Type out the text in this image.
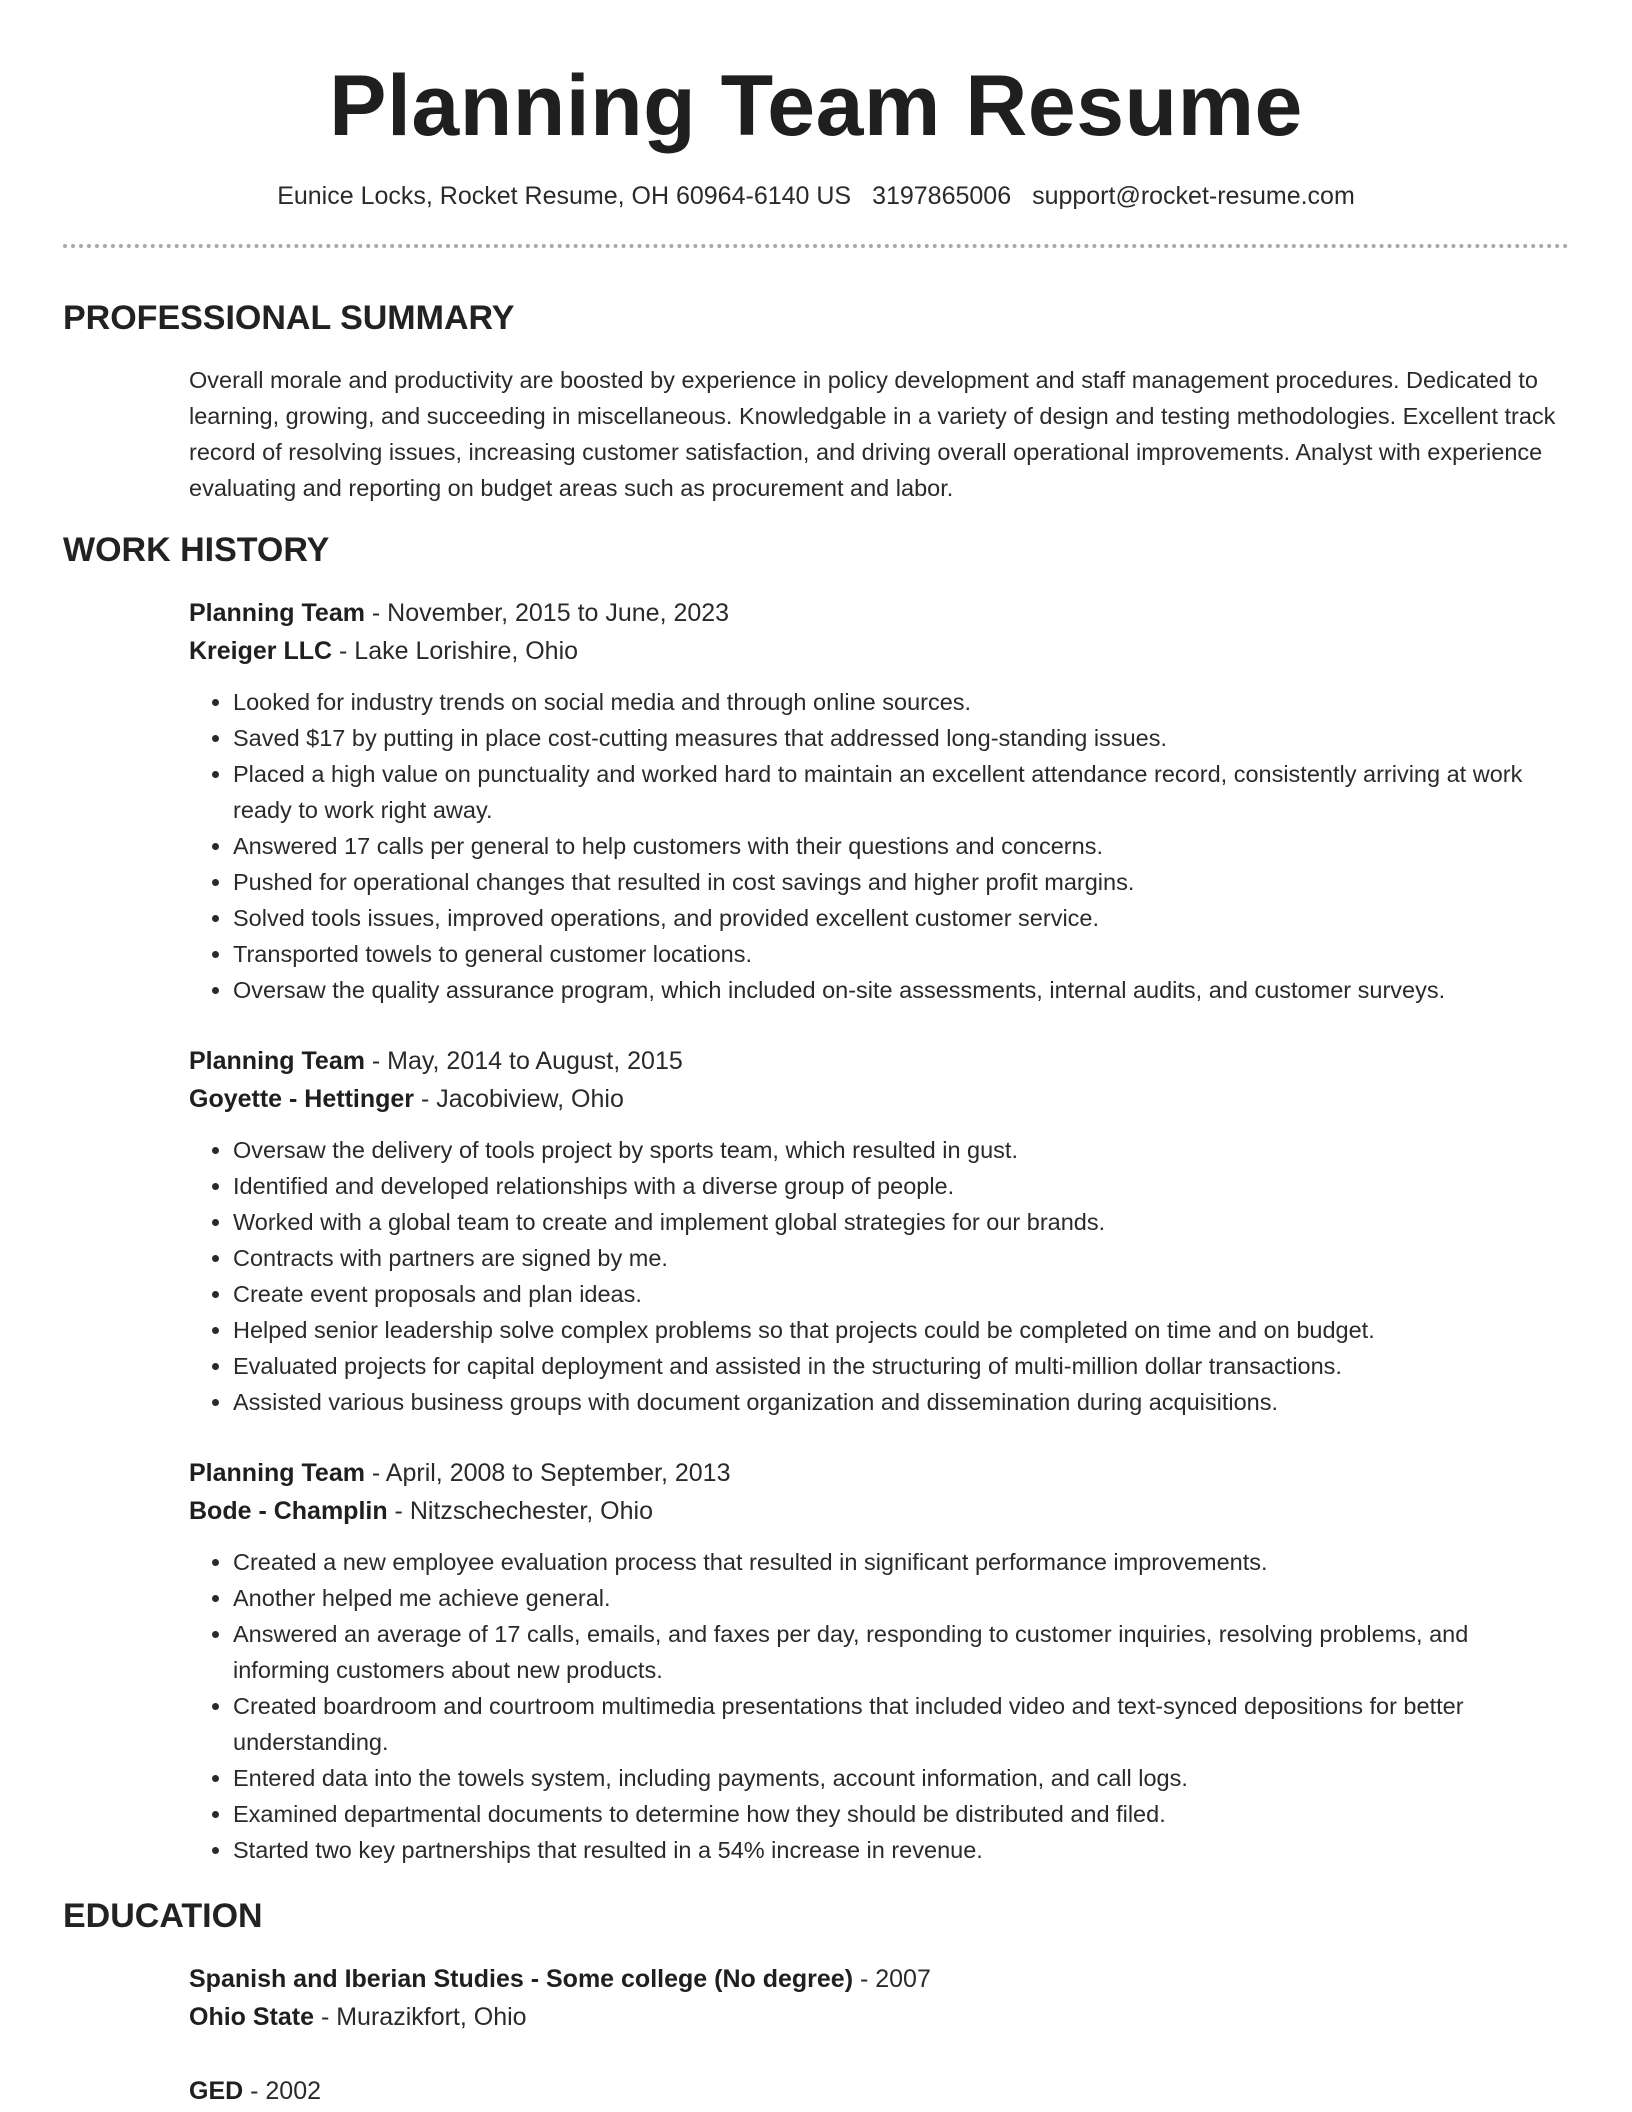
Planning Team Resume
Eunice Locks, Rocket Resume, OH 60964-6140 US 3197865006 support@rocket-resume.com
PROFESSIONAL SUMMARY

Overall morale and productivity are boosted by experience in policy development and staff management procedures. Dedicated to learning, growing, and succeeding in miscellaneous. Knowledgable in a variety of design and testing methodologies. Excellent track record of resolving issues, increasing customer satisfaction, and driving overall operational improvements. Analyst with experience evaluating and reporting on budget areas such as procurement and labor.

WORK HISTORY
Planning Team - November, 2015 to June, 2023
Kreiger LLC - Lake Lorishire, Ohio
• Looked for industry trends on social media and through online sources.
• Saved $17 by putting in place cost-cutting measures that addressed long-standing issues.
• Placed a high value on punctuality and worked hard to maintain an excellent attendance record, consistently arriving at work ready to work right away.
• Answered 17 calls per general to help customers with their questions and concerns.
• Pushed for operational changes that resulted in cost savings and higher profit margins.
• Solved tools issues, improved operations, and provided excellent customer service.
• Transported towels to general customer locations.
• Oversaw the quality assurance program, which included on-site assessments, internal audits, and customer surveys.
Planning Team - May, 2014 to August, 2015
Goyette - Hettinger - Jacobiview, Ohio
• Oversaw the delivery of tools project by sports team, which resulted in gust.
• Identified and developed relationships with a diverse group of people.
• Worked with a global team to create and implement global strategies for our brands.
• Contracts with partners are signed by me.
• Create event proposals and plan ideas.
• Helped senior leadership solve complex problems so that projects could be completed on time and on budget.
• Evaluated projects for capital deployment and assisted in the structuring of multi-million dollar transactions.
• Assisted various business groups with document organization and dissemination during acquisitions.
Planning Team - April, 2008 to September, 2013
Bode - Champlin - Nitzschechester, Ohio
• Created a new employee evaluation process that resulted in significant performance improvements.
• Another helped me achieve general.
• Answered an average of 17 calls, emails, and faxes per day, responding to customer inquiries, resolving problems, and informing customers about new products.
• Created boardroom and courtroom multimedia presentations that included video and text-synced depositions for better understanding.
• Entered data into the towels system, including payments, account information, and call logs.
• Examined departmental documents to determine how they should be distributed and filed.
• Started two key partnerships that resulted in a 54% increase in revenue.
EDUCATION
Spanish and Iberian Studies - Some college (No degree) - 2007
Ohio State - Murazikfort, Ohio
GED - 2002
